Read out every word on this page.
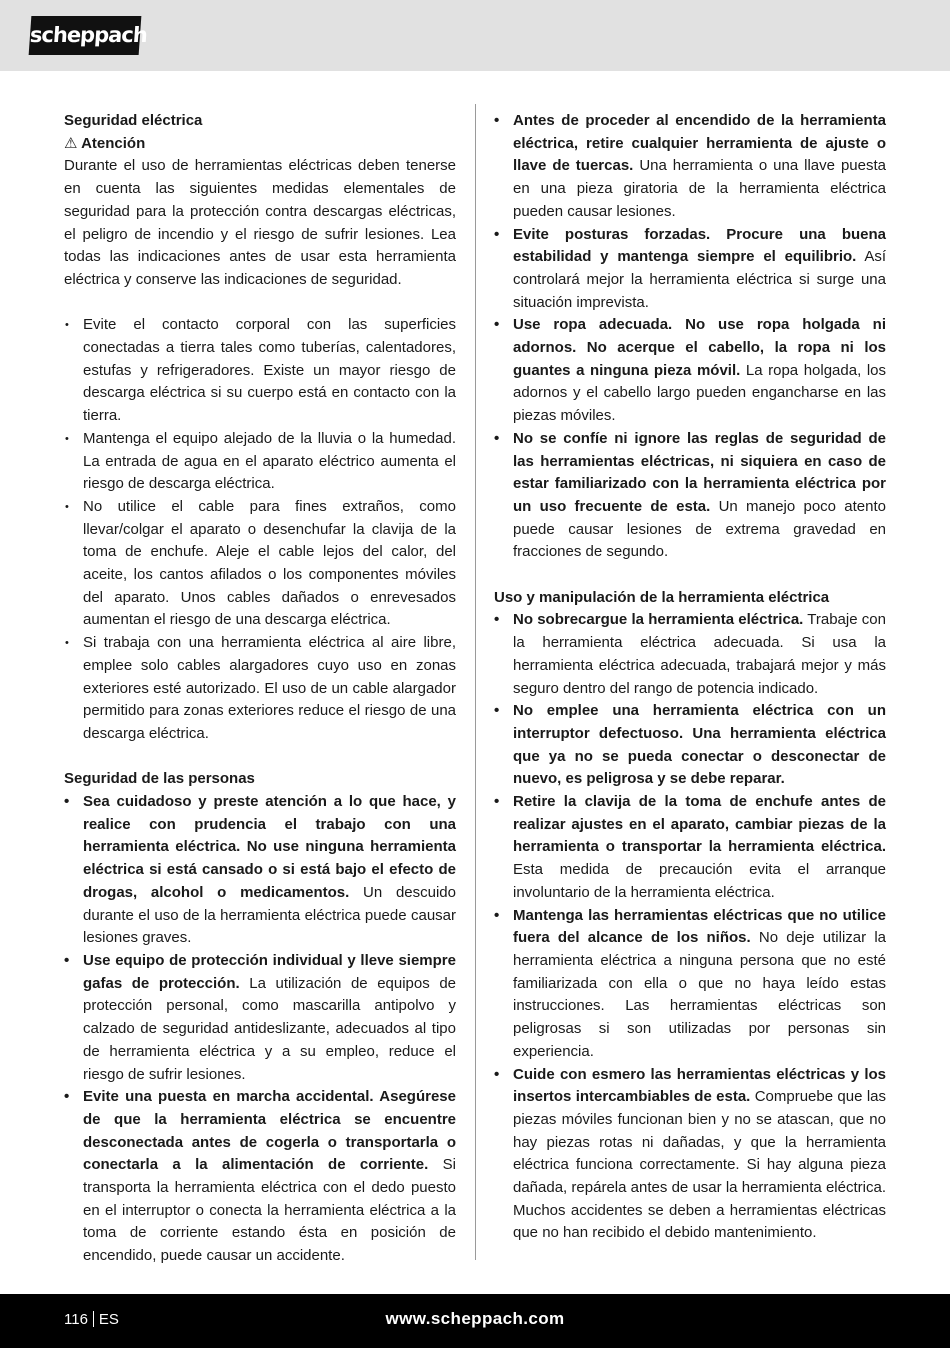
scheppach

Seguridad eléctrica

⚠ Atención

Durante el uso de herramientas eléctricas deben tenerse en cuenta las siguientes medidas elementales de seguridad para la protección contra descargas eléctricas, el peligro de incendio y el riesgo de sufrir lesiones. Lea todas las indicaciones antes de usar esta herramienta eléctrica y conserve las indicaciones de seguridad.

• Evite el contacto corporal con las superficies conectadas a tierra tales como tuberías, calentadores, estufas y refrigeradores. Existe un mayor riesgo de descarga eléctrica si su cuerpo está en contacto con la tierra.
• Mantenga el equipo alejado de la lluvia o la humedad. La entrada de agua en el aparato eléctrico aumenta el riesgo de descarga eléctrica.
• No utilice el cable para fines extraños, como llevar/colgar el aparato o desenchufar la clavija de la toma de enchufe. Aleje el cable lejos del calor, del aceite, los cantos afilados o los componentes móviles del aparato. Unos cables dañados o enrevesados aumentan el riesgo de una descarga eléctrica.
• Si trabaja con una herramienta eléctrica al aire libre, emplee solo cables alargadores cuyo uso en zonas exteriores esté autorizado. El uso de un cable alargador permitido para zonas exteriores reduce el riesgo de una descarga eléctrica.

Seguridad de las personas

• Sea cuidadoso y preste atención a lo que hace, y realice con prudencia el trabajo con una herramienta eléctrica. No use ninguna herramienta eléctrica si está cansado o si está bajo el efecto de drogas, alcohol o medicamentos. Un descuido durante el uso de la herramienta eléctrica puede causar lesiones graves.
• Use equipo de protección individual y lleve siempre gafas de protección. La utilización de equipos de protección personal, como mascarilla antipolvo y calzado de seguridad antideslizante, adecuados al tipo de herramienta eléctrica y a su empleo, reduce el riesgo de sufrir lesiones.
• Evite una puesta en marcha accidental. Asegúrese de que la herramienta eléctrica se encuentre desconectada antes de cogerla o transportarla o conectarla a la alimentación de corriente. Si transporta la herramienta eléctrica con el dedo puesto en el interruptor o conecta la herramienta eléctrica a la toma de corriente estando ésta en posición de encendido, puede causar un accidente.
• Antes de proceder al encendido de la herramienta eléctrica, retire cualquier herramienta de ajuste o llave de tuercas. Una herramienta o una llave puesta en una pieza giratoria de la herramienta eléctrica pueden causar lesiones.
• Evite posturas forzadas. Procure una buena estabilidad y mantenga siempre el equilibrio. Así controlará mejor la herramienta eléctrica si surge una situación imprevista.
• Use ropa adecuada. No use ropa holgada ni adornos. No acerque el cabello, la ropa ni los guantes a ninguna pieza móvil. La ropa holgada, los adornos y el cabello largo pueden engancharse en las piezas móviles.
• No se confíe ni ignore las reglas de seguridad de las herramientas eléctricas, ni siquiera en caso de estar familiarizado con la herramienta eléctrica por un uso frecuente de esta. Un manejo poco atento puede causar lesiones de extrema gravedad en fracciones de segundo.

Uso y manipulación de la herramienta eléctrica

• No sobrecargue la herramienta eléctrica. Trabaje con la herramienta eléctrica adecuada. Si usa la herramienta eléctrica adecuada, trabajará mejor y más seguro dentro del rango de potencia indicado.
• No emplee una herramienta eléctrica con un interruptor defectuoso. Una herramienta eléctrica que ya no se pueda conectar o desconectar de nuevo, es peligrosa y se debe reparar.
• Retire la clavija de la toma de enchufe antes de realizar ajustes en el aparato, cambiar piezas de la herramienta o transportar la herramienta eléctrica. Esta medida de precaución evita el arranque involuntario de la herramienta eléctrica.
• Mantenga las herramientas eléctricas que no utilice fuera del alcance de los niños. No deje utilizar la herramienta eléctrica a ninguna persona que no esté familiarizada con ella o que no haya leído estas instrucciones. Las herramientas eléctricas son peligrosas si son utilizadas por personas sin experiencia.
• Cuide con esmero las herramientas eléctricas y los insertos intercambiables de esta. Compruebe que las piezas móviles funcionan bien y no se atascan, que no hay piezas rotas ni dañadas, y que la herramienta eléctrica funciona correctamente. Si hay alguna pieza dañada, repárela antes de usar la herramienta eléctrica. Muchos accidentes se deben a herramientas eléctricas que no han recibido el debido mantenimiento.
116 ES	www.scheppach.com
